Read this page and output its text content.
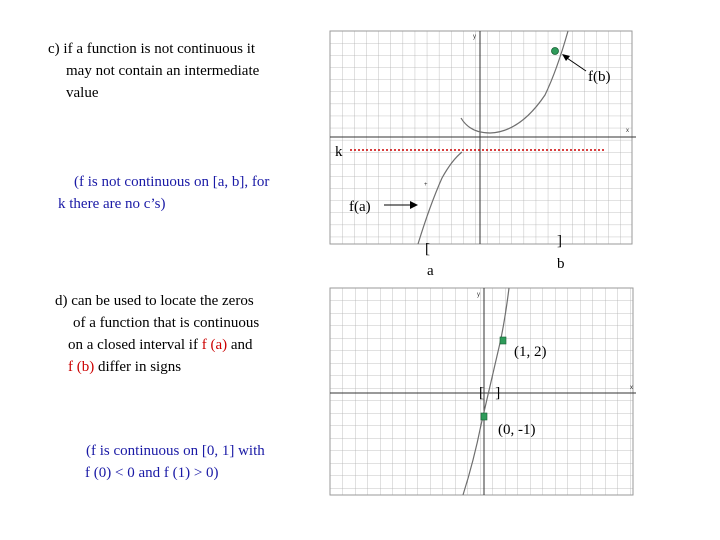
c) if a function is not continuous it
may not contain an intermediate
value
(f is not continuous on [a, b], for
k there are no c’s)
d) can be used to locate the zeros
of a function that is continuous
on a closed interval if f (a) and
f (b) differ in signs
(f is continuous on [0, 1] with
f (0) < 0 and f (1) > 0)
y
x
+
k
f(b)
f(a)
[
a
]
b
y
x
(1, 2)
(0, -1)
[   ]
